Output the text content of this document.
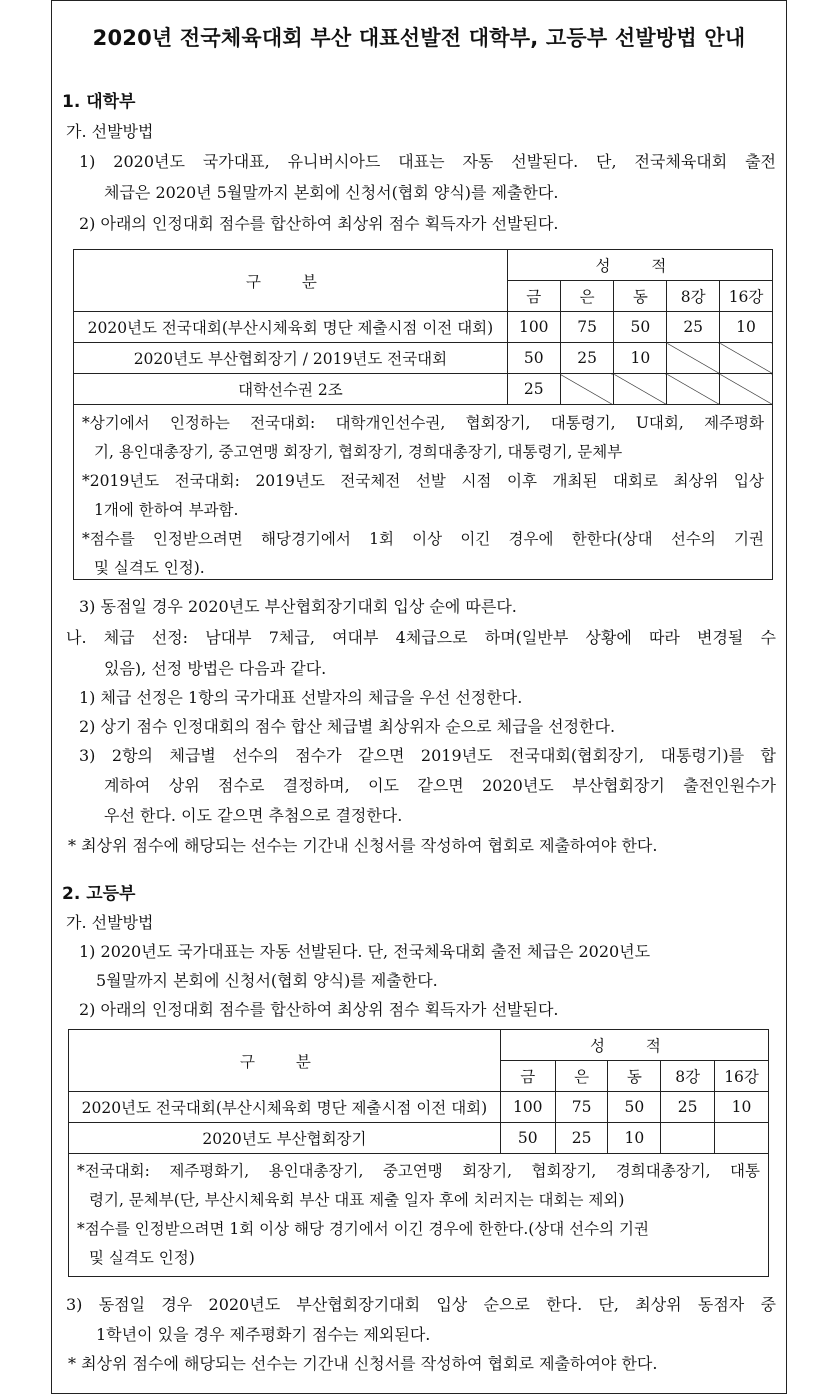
2020년 전국체육대회 부산 대표선발전 대학부, 고등부 선발방법 안내
1. 대학부
가. 선발방법
1) 2020년도 국가대표, 유니버시아드 대표는 자동 선발된다. 단, 전국체육대회 출전
체급은 2020년 5월말까지 본회에 신청서(협회 양식)를 제출한다.
2) 아래의 인정대회 점수를 합산하여 최상위 점수 획득자가 선발된다.
구 분	성 적				
	금	은	동	8강	16강
2020년도 전국대회(부산시체육회 명단 제출시점 이전 대회)	100	75	50	25	10
2020년도 부산협회장기 / 2019년도 전국대회	50	25	10		
대학선수권 2조	25				
*상기에서 인정하는 전국대회: 대학개인선수권, 협회장기, 대통령기, U대회, 제주평화
기, 용인대총장기, 중고연맹 회장기, 협회장기, 경희대총장기, 대통령기, 문체부
*2019년도 전국대회: 2019년도 전국체전 선발 시점 이후 개최된 대회로 최상위 입상
1개에 한하여 부과함.
*점수를 인정받으려면 해당경기에서 1회 이상 이긴 경우에 한한다(상대 선수의 기권
및 실격도 인정).
3) 동점일 경우 2020년도 부산협회장기대회 입상 순에 따른다.
나. 체급 선정: 남대부 7체급, 여대부 4체급으로 하며(일반부 상황에 따라 변경될 수
있음), 선정 방법은 다음과 같다.
1) 체급 선정은 1항의 국가대표 선발자의 체급을 우선 선정한다.
2) 상기 점수 인정대회의 점수 합산 체급별 최상위자 순으로 체급을 선정한다.
3) 2항의 체급별 선수의 점수가 같으면 2019년도 전국대회(협회장기, 대통령기)를 합
계하여 상위 점수로 결정하며, 이도 같으면 2020년도 부산협회장기 출전인원수가
우선 한다. 이도 같으면 추첨으로 결정한다.
* 최상위 점수에 해당되는 선수는 기간내 신청서를 작성하여 협회로 제출하여야 한다.
2. 고등부
가. 선발방법
1) 2020년도 국가대표는 자동 선발된다. 단, 전국체육대회 출전 체급은 2020년도
5월말까지 본회에 신청서(협회 양식)를 제출한다.
2) 아래의 인정대회 점수를 합산하여 최상위 점수 획득자가 선발된다.
구 분	성 적				
	금	은	동	8강	16강
2020년도 전국대회(부산시체육회 명단 제출시점 이전 대회)	100	75	50	25	10
2020년도 부산협회장기	50	25	10		
*전국대회: 제주평화기, 용인대총장기, 중고연맹 회장기, 협회장기, 경희대총장기, 대통
령기, 문체부(단, 부산시체육회 부산 대표 제출 일자 후에 치러지는 대회는 제외)
*점수를 인정받으려면 1회 이상 해당 경기에서 이긴 경우에 한한다.(상대 선수의 기권
및 실격도 인정)
3) 동점일 경우 2020년도 부산협회장기대회 입상 순으로 한다. 단, 최상위 동점자 중
1학년이 있을 경우 제주평화기 점수는 제외된다.
* 최상위 점수에 해당되는 선수는 기간내 신청서를 작성하여 협회로 제출하여야 한다.
